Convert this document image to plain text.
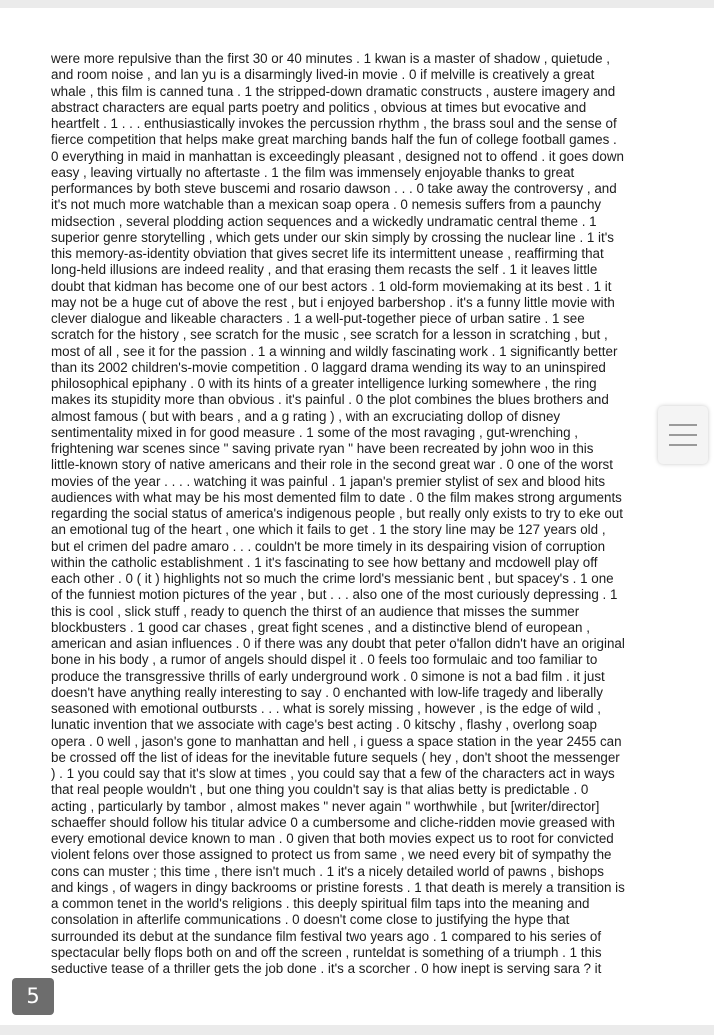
were more repulsive than the first 30 or 40 minutes . 1 kwan is a master of shadow , quietude ,
and room noise , and lan yu is a disarmingly lived-in movie . 0 if melville is creatively a great
whale , this film is canned tuna . 1 the stripped-down dramatic constructs , austere imagery and
abstract characters are equal parts poetry and politics , obvious at times but evocative and
heartfelt . 1 . . . enthusiastically invokes the percussion rhythm , the brass soul and the sense of
fierce competition that helps make great marching bands half the fun of college football games .
0 everything in maid in manhattan is exceedingly pleasant , designed not to offend . it goes down
easy , leaving virtually no aftertaste . 1 the film was immensely enjoyable thanks to great
performances by both steve buscemi and rosario dawson . . . 0 take away the controversy , and
it's not much more watchable than a mexican soap opera . 0 nemesis suffers from a paunchy
midsection , several plodding action sequences and a wickedly undramatic central theme . 1
superior genre storytelling , which gets under our skin simply by crossing the nuclear line . 1 it's
this memory-as-identity obviation that gives secret life its intermittent unease , reaffirming that
long-held illusions are indeed reality , and that erasing them recasts the self . 1 it leaves little
doubt that kidman has become one of our best actors . 1 old-form moviemaking at its best . 1 it
may not be a huge cut of above the rest , but i enjoyed barbershop . it's a funny little movie with
clever dialogue and likeable characters . 1 a well-put-together piece of urban satire . 1 see
scratch for the history , see scratch for the music , see scratch for a lesson in scratching , but ,
most of all , see it for the passion . 1 a winning and wildly fascinating work . 1 significantly better
than its 2002 children's-movie competition . 0 laggard drama wending its way to an uninspired
philosophical epiphany . 0 with its hints of a greater intelligence lurking somewhere , the ring
makes its stupidity more than obvious . it's painful . 0 the plot combines the blues brothers and
almost famous ( but with bears , and a g rating ) , with an excruciating dollop of disney
sentimentality mixed in for good measure . 1 some of the most ravaging , gut-wrenching ,
frightening war scenes since " saving private ryan " have been recreated by john woo in this
little-known story of native americans and their role in the second great war . 0 one of the worst
movies of the year . . . . watching it was painful . 1 japan's premier stylist of sex and blood hits
audiences with what may be his most demented film to date . 0 the film makes strong arguments
regarding the social status of america's indigenous people , but really only exists to try to eke out
an emotional tug of the heart , one which it fails to get . 1 the story line may be 127 years old ,
but el crimen del padre amaro . . . couldn't be more timely in its despairing vision of corruption
within the catholic establishment . 1 it's fascinating to see how bettany and mcdowell play off
each other . 0 ( it ) highlights not so much the crime lord's messianic bent , but spacey's . 1 one
of the funniest motion pictures of the year , but . . . also one of the most curiously depressing . 1
this is cool , slick stuff , ready to quench the thirst of an audience that misses the summer
blockbusters . 1 good car chases , great fight scenes , and a distinctive blend of european ,
american and asian influences . 0 if there was any doubt that peter o'fallon didn't have an original
bone in his body , a rumor of angels should dispel it . 0 feels too formulaic and too familiar to
produce the transgressive thrills of early underground work . 0 simone is not a bad film . it just
doesn't have anything really interesting to say . 0 enchanted with low-life tragedy and liberally
seasoned with emotional outbursts . . . what is sorely missing , however , is the edge of wild ,
lunatic invention that we associate with cage's best acting . 0 kitschy , flashy , overlong soap
opera . 0 well , jason's gone to manhattan and hell , i guess a space station in the year 2455 can
be crossed off the list of ideas for the inevitable future sequels ( hey , don't shoot the messenger
) . 1 you could say that it's slow at times , you could say that a few of the characters act in ways
that real people wouldn't , but one thing you couldn't say is that alias betty is predictable . 0
acting , particularly by tambor , almost makes " never again " worthwhile , but [writer/director]
schaeffer should follow his titular advice 0 a cumbersome and cliche-ridden movie greased with
every emotional device known to man . 0 given that both movies expect us to root for convicted
violent felons over those assigned to protect us from same , we need every bit of sympathy the
cons can muster ; this time , there isn't much . 1 it's a nicely detailed world of pawns , bishops
and kings , of wagers in dingy backrooms or pristine forests . 1 that death is merely a transition is
a common tenet in the world's religions . this deeply spiritual film taps into the meaning and
consolation in afterlife communications . 0 doesn't come close to justifying the hype that
surrounded its debut at the sundance film festival two years ago . 1 compared to his series of
spectacular belly flops both on and off the screen , runteldat is something of a triumph . 1 this
seductive tease of a thriller gets the job done . it's a scorcher . 0 how inept is serving sara ? it

5
